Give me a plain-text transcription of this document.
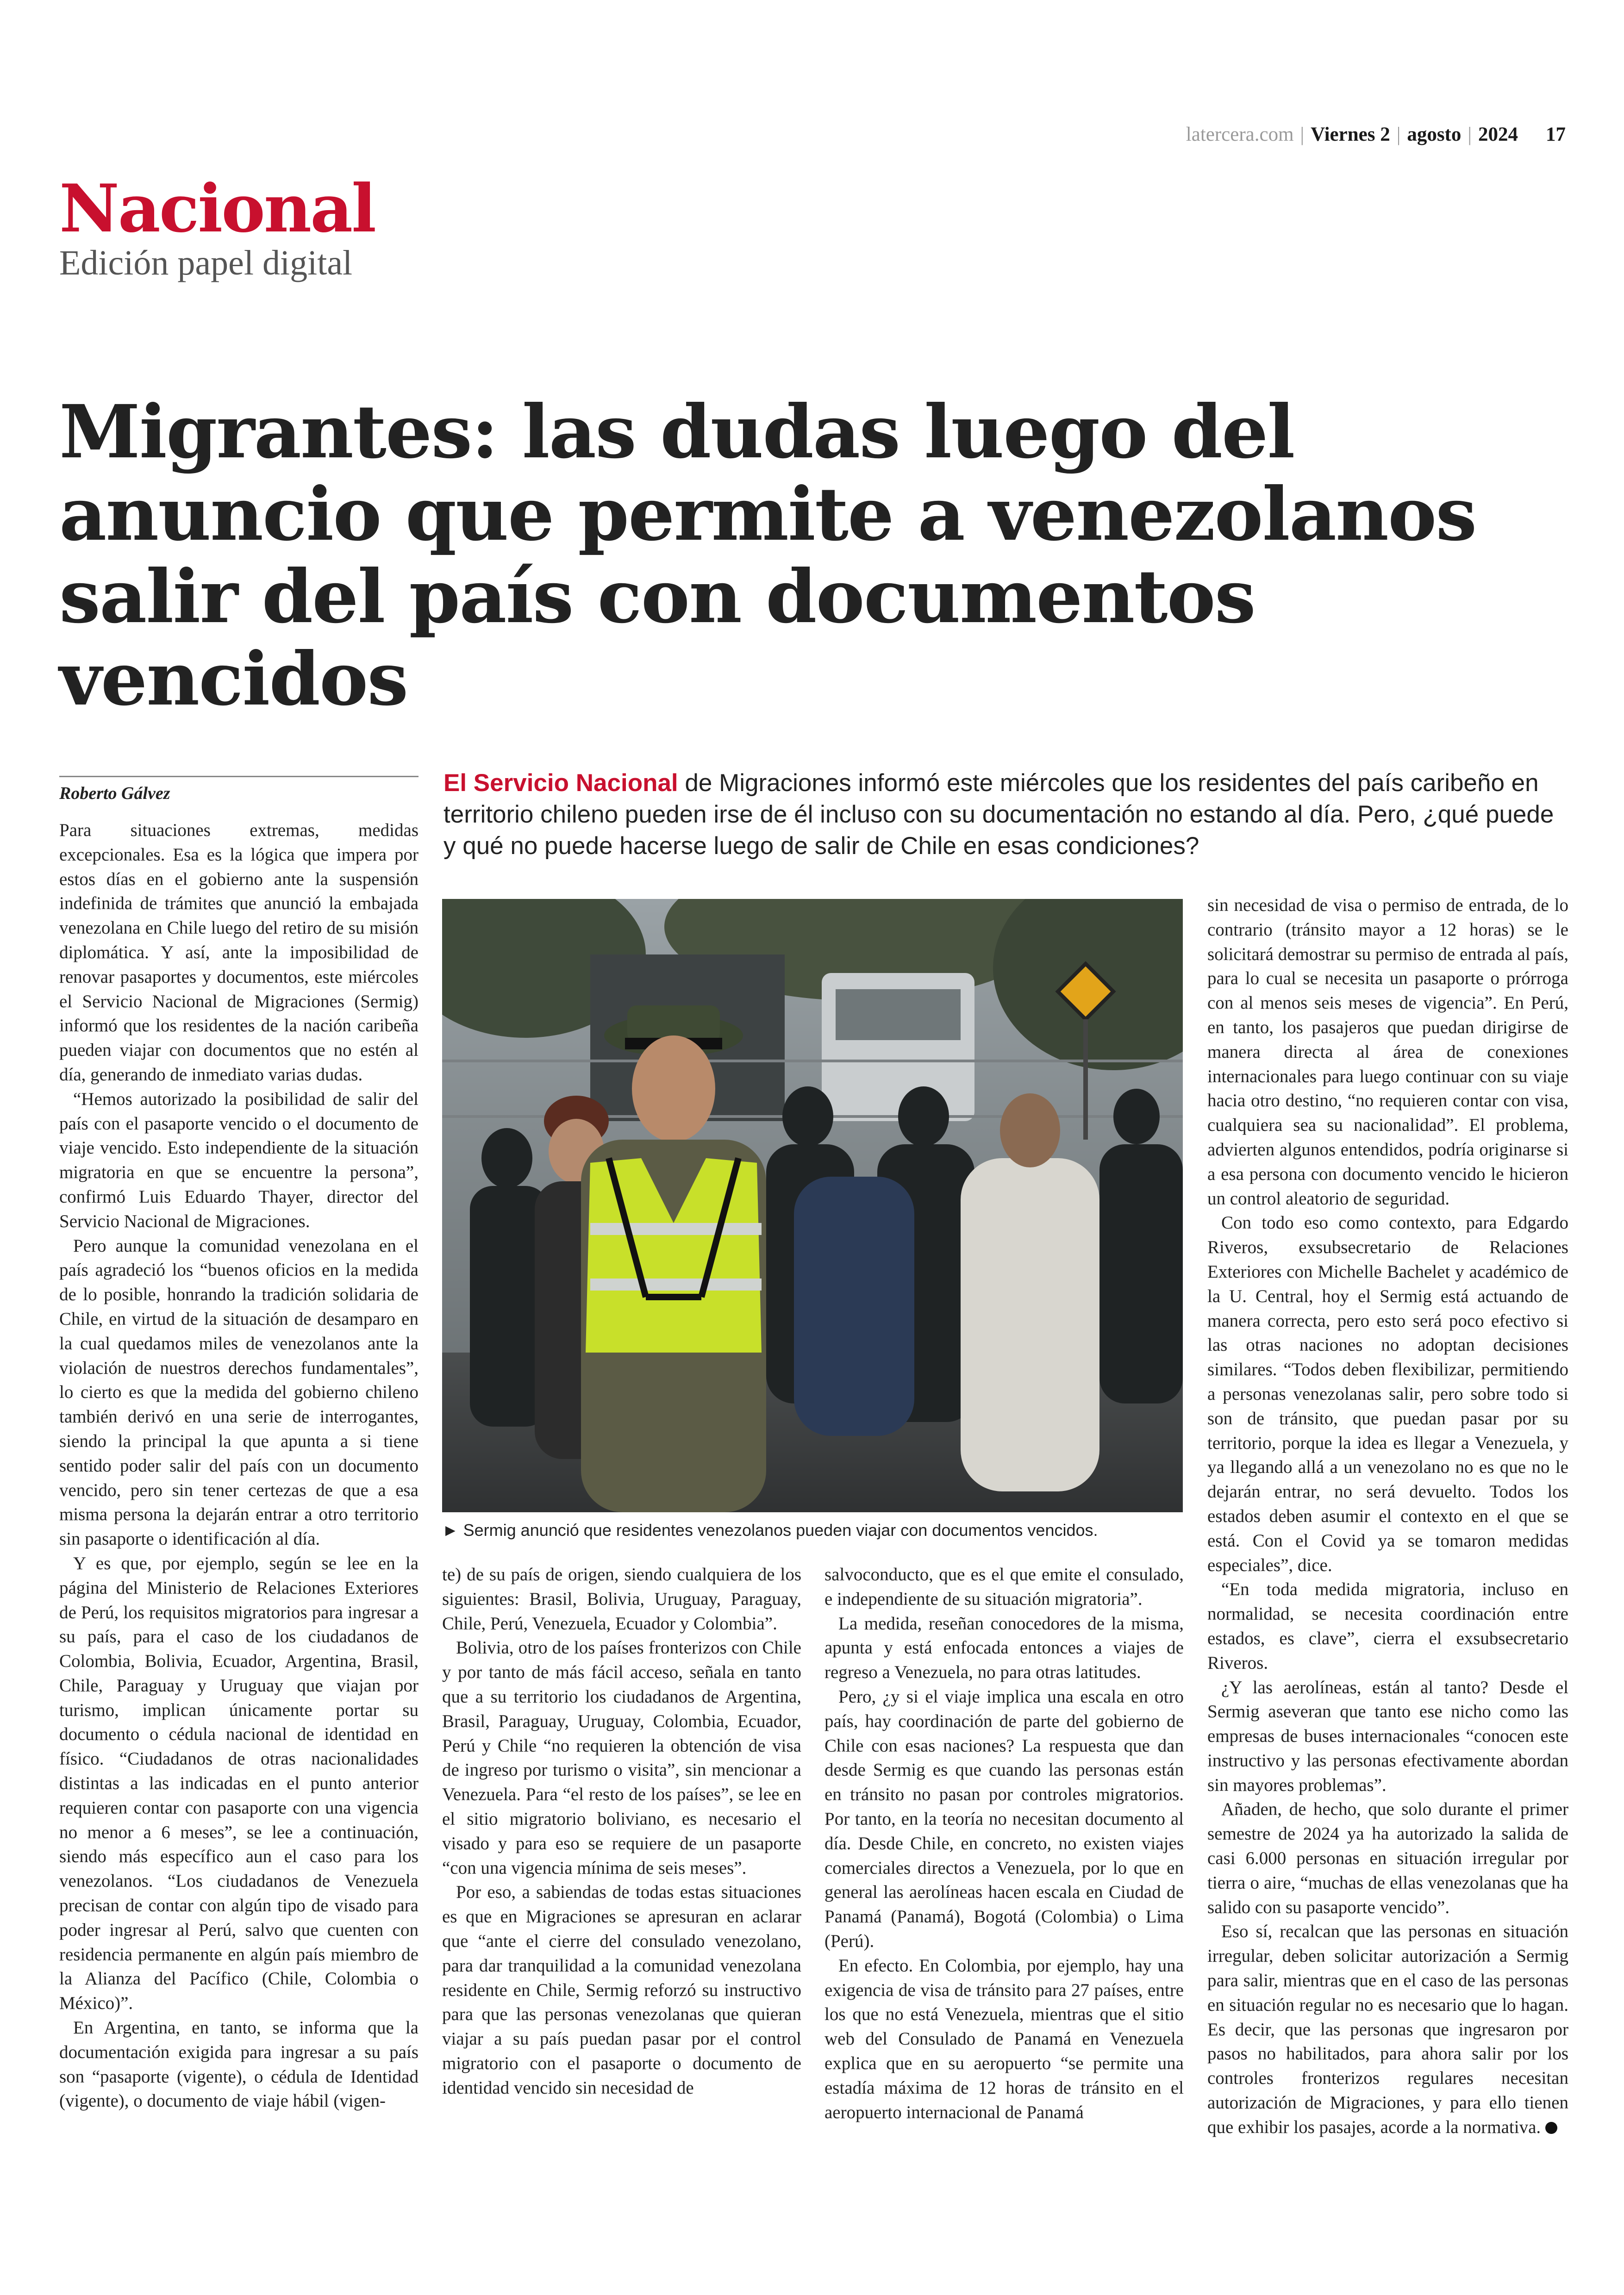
latercera.com | Viernes 2 | agosto | 2024 17
Nacional
Edición papel digital
Migrantes: las dudas luego del anuncio que permite a venezolanos salir del país con documentos vencidos
Roberto Gálvez	El Servicio Nacional de Migraciones informó este miércoles que los residentes del país caribeño en territorio chileno pueden irse de él incluso con su documentación no estando al día. Pero, ¿qué puede y qué no puede hacerse luego de salir de Chile en esas condiciones?
► Sermig anunció que residentes venezolanos pueden viajar con documentos vencidos.

Para situaciones extremas, medidas excepcionales. Esa es la lógica que impera por estos días en el gobierno ante la suspensión indefinida de trámites que anunció la embajada venezolana en Chile luego del retiro de su misión diplomática. Y así, ante la imposibilidad de renovar pasaportes y documentos, este miércoles el Servicio Nacional de Migraciones (Sermig) informó que los residentes de la nación caribeña pueden viajar con documentos que no estén al día, generando de inmediato varias dudas.

“Hemos autorizado la posibilidad de salir del país con el pasaporte vencido o el documento de viaje vencido. Esto independiente de la situación migratoria en que se encuentre la persona”, confirmó Luis Eduardo Thayer, director del Servicio Nacional de Migraciones.

Pero aunque la comunidad venezolana en el país agradeció los “buenos oficios en la medida de lo posible, honrando la tradición solidaria de Chile, en virtud de la situación de desamparo en la cual quedamos miles de venezolanos ante la violación de nuestros derechos fundamentales”, lo cierto es que la medida del gobierno chileno también derivó en una serie de interrogantes, siendo la principal la que apunta a si tiene sentido poder salir del país con un documento vencido, pero sin tener certezas de que a esa misma persona la dejarán entrar a otro territorio sin pasaporte o identificación al día.

Y es que, por ejemplo, según se lee en la página del Ministerio de Relaciones Exteriores de Perú, los requisitos migratorios para ingresar a su país, para el caso de los ciudadanos de Colombia, Bolivia, Ecuador, Argentina, Brasil, Chile, Paraguay y Uruguay que viajan por turismo, implican únicamente portar su documento o cédula nacional de identidad en físico. “Ciudadanos de otras nacionalidades distintas a las indicadas en el punto anterior requieren contar con pasaporte con una vigencia no menor a 6 meses”, se lee a continuación, siendo más específico aun el caso para los venezolanos. “Los ciudadanos de Venezuela precisan de contar con algún tipo de visado para poder ingresar al Perú, salvo que cuenten con residencia permanente en algún país miembro de la Alianza del Pacífico (Chile, Colombia o México)”.

En Argentina, en tanto, se informa que la documentación exigida para ingresar a su país son “pasaporte (vigente), o cédula de Identidad (vigente), o documento de viaje hábil (vigen-

te) de su país de origen, siendo cualquiera de los siguientes: Brasil, Bolivia, Uruguay, Paraguay, Chile, Perú, Venezuela, Ecuador y Colombia”.

Bolivia, otro de los países fronterizos con Chile y por tanto de más fácil acceso, señala en tanto que a su territorio los ciudadanos de Argentina, Brasil, Paraguay, Uruguay, Colombia, Ecuador, Perú y Chile “no requieren la obtención de visa de ingreso por turismo o visita”, sin mencionar a Venezuela. Para “el resto de los países”, se lee en el sitio migratorio boliviano, es necesario el visado y para eso se requiere de un pasaporte “con una vigencia mínima de seis meses”.

Por eso, a sabiendas de todas estas situaciones es que en Migraciones se apresuran en aclarar que “ante el cierre del consulado venezolano, para dar tranquilidad a la comunidad venezolana residente en Chile, Sermig reforzó su instructivo para que las personas venezolanas que quieran viajar a su país puedan pasar por el control migratorio con el pasaporte o documento de identidad vencido sin necesidad de

salvoconducto, que es el que emite el consulado, e independiente de su situación migratoria”.

La medida, reseñan conocedores de la misma, apunta y está enfocada entonces a viajes de regreso a Venezuela, no para otras latitudes.

Pero, ¿y si el viaje implica una escala en otro país, hay coordinación de parte del gobierno de Chile con esas naciones? La respuesta que dan desde Sermig es que cuando las personas están en tránsito no pasan por controles migratorios. Por tanto, en la teoría no necesitan documento al día. Desde Chile, en concreto, no existen viajes comerciales directos a Venezuela, por lo que en general las aerolíneas hacen escala en Ciudad de Panamá (Panamá), Bogotá (Colombia) o Lima (Perú).

En efecto. En Colombia, por ejemplo, hay una exigencia de visa de tránsito para 27 países, entre los que no está Venezuela, mientras que el sitio web del Consulado de Panamá en Venezuela explica que en su aeropuerto “se permite una estadía máxima de 12 horas de tránsito en el aeropuerto internacional de Panamá

sin necesidad de visa o permiso de entrada, de lo contrario (tránsito mayor a 12 horas) se le solicitará demostrar su permiso de entrada al país, para lo cual se necesita un pasaporte o prórroga con al menos seis meses de vigencia”. En Perú, en tanto, los pasajeros que puedan dirigirse de manera directa al área de conexiones internacionales para luego continuar con su viaje hacia otro destino, “no requieren contar con visa, cualquiera sea su nacionalidad”. El problema, advierten algunos entendidos, podría originarse si a esa persona con documento vencido le hicieron un control aleatorio de seguridad.

Con todo eso como contexto, para Edgardo Riveros, exsubsecretario de Relaciones Exteriores con Michelle Bachelet y académico de la U. Central, hoy el Sermig está actuando de manera correcta, pero esto será poco efectivo si las otras naciones no adoptan decisiones similares. “Todos deben flexibilizar, permitiendo a personas venezolanas salir, pero sobre todo si son de tránsito, que puedan pasar por su territorio, porque la idea es llegar a Venezuela, y ya llegando allá a un venezolano no es que no le dejarán entrar, no será devuelto. Todos los estados deben asumir el contexto en el que se está. Con el Covid ya se tomaron medidas especiales”, dice.

“En toda medida migratoria, incluso en normalidad, se necesita coordinación entre estados, es clave”, cierra el exsubsecretario Riveros.

¿Y las aerolíneas, están al tanto? Desde el Sermig aseveran que tanto ese nicho como las empresas de buses internacionales “conocen este instructivo y las personas efectivamente abordan sin mayores problemas”.

Añaden, de hecho, que solo durante el primer semestre de 2024 ya ha autorizado la salida de casi 6.000 personas en situación irregular por tierra o aire, “muchas de ellas venezolanas que ha salido con su pasaporte vencido”.

Eso sí, recalcan que las personas en situación irregular, deben solicitar autorización a Sermig para salir, mientras que en el caso de las personas en situación regular no es necesario que lo hagan. Es decir, que las personas que ingresaron por pasos no habilitados, para ahora salir por los controles fronterizos regulares necesitan autorización de Migraciones, y para ello tienen que exhibir los pasajes, acorde a la normativa.
